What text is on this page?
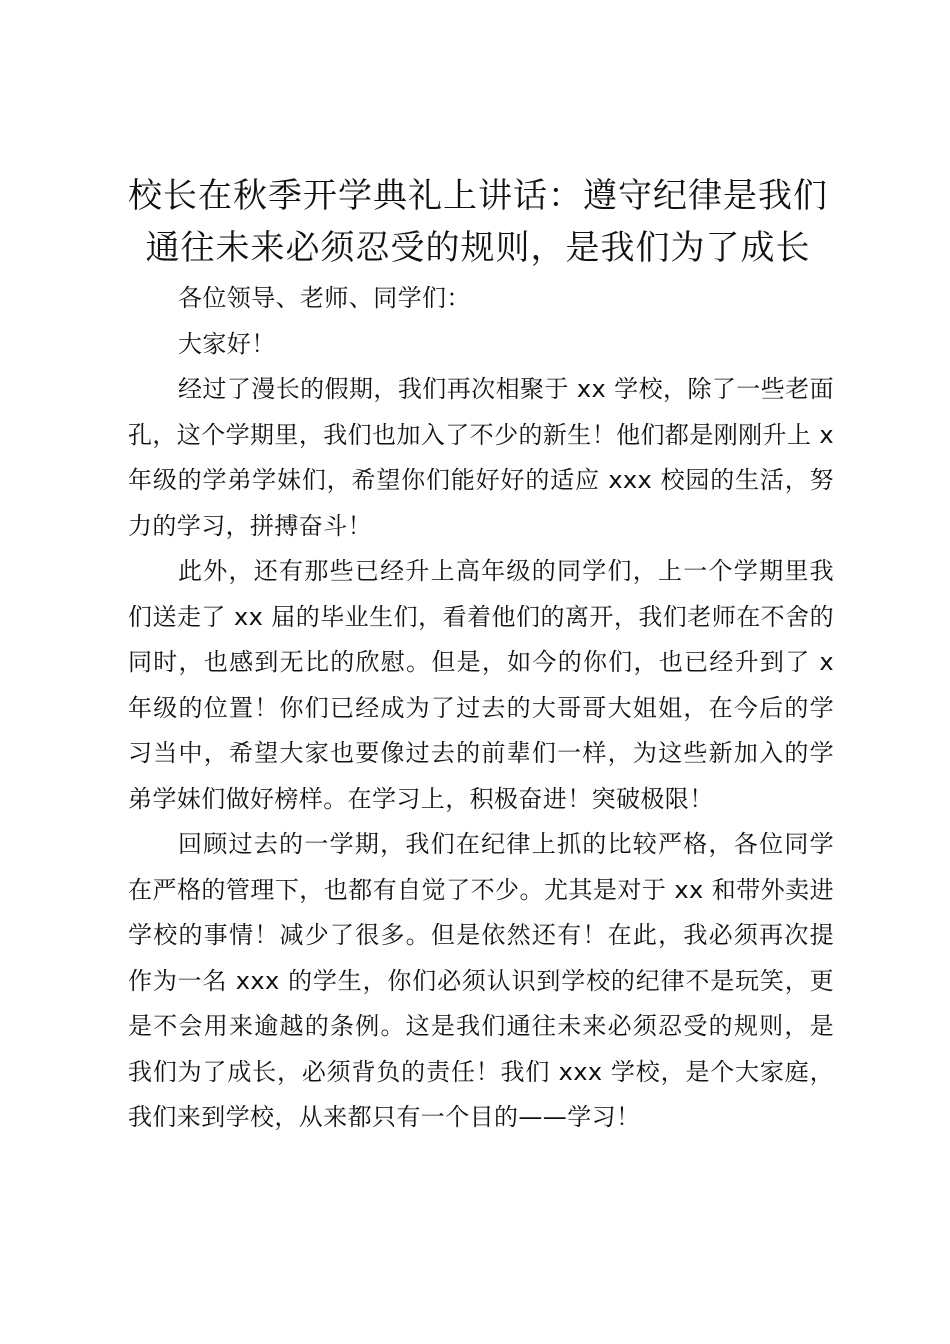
校长在秋季开学典礼上讲话：遵守纪律是我们通往未来必须忍受的规则，是我们为了成长

各位领导、老师、同学们：

大家好！

经过了漫长的假期，我们再次相聚于 xx 学校，除了一些老面孔，这个学期里，我们也加入了不少的新生！他们都是刚刚升上 x 年级的学弟学妹们，希望你们能好好的适应 xxx 校园的生活，努力的学习，拼搏奋斗！

此外，还有那些已经升上高年级的同学们，上一个学期里我们送走了 xx 届的毕业生们，看着他们的离开，我们老师在不舍的同时，也感到无比的欣慰。但是，如今的你们，也已经升到了 x 年级的位置！你们已经成为了过去的大哥哥大姐姐，在今后的学习当中，希望大家也要像过去的前辈们一样，为这些新加入的学弟学妹们做好榜样。在学习上，积极奋进！突破极限！

回顾过去的一学期，我们在纪律上抓的比较严格，各位同学在严格的管理下，也都有自觉了不少。尤其是对于 xx 和带外卖进学校的事情！减少了很多。但是依然还有！在此，我必须再次提作为一名 xxx 的学生，你们必须认识到学校的纪律不是玩笑，更是不会用来逾越的条例。这是我们通往未来必须忍受的规则，是我们为了成长，必须背负的责任！我们 xxx 学校，是个大家庭，我们来到学校，从来都只有一个目的——学习！
